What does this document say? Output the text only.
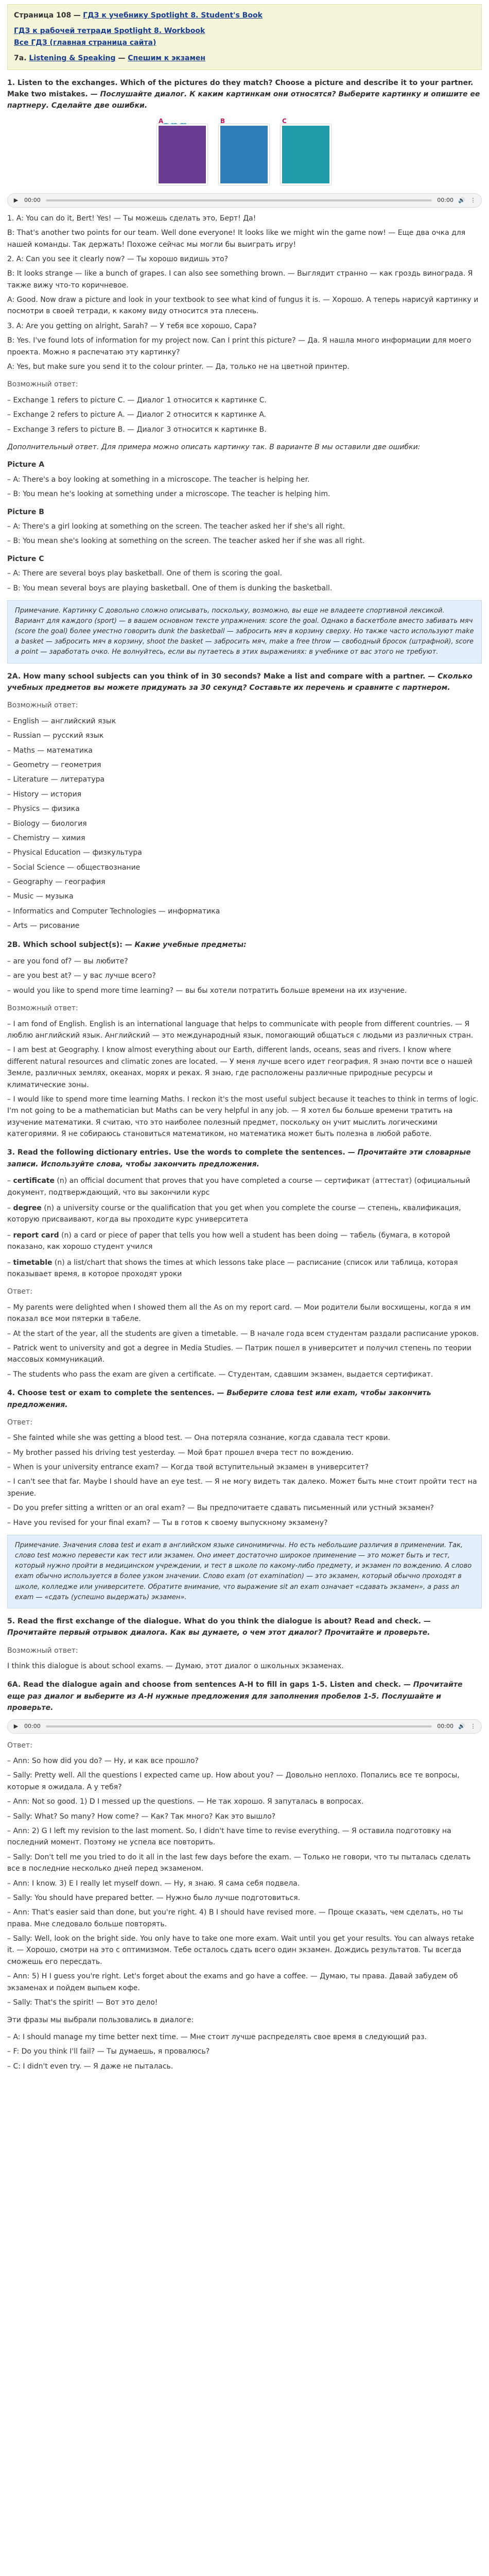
Страница 108 — ГДЗ к учебнику Spotlight 8. Student's Book
ГДЗ к рабочей тетради Spotlight 8. Workbook
Все ГДЗ (главная страница сайта)
7a. Listening & Speaking — Спешим к экзамен

1. Listen to the exchanges. Which of the pictures do they match? Choose a picture and describe it to your partner. Make two mistakes. — Послушайте диалог. К каким картинкам они относятся? Выберите картинку и опишите ее партнеру. Сделайте две ошибки.

A	B	C
▶ 00:00	00:00 🔊 ⋮

1. A: You can do it, Bert! Yes! — Ты можешь сделать это, Берт! Да!

B: That's another two points for our team. Well done everyone! It looks like we might win the game now! — Еще два очка для нашей команды. Так держать! Похоже сейчас мы могли бы выиграть игру!

2. A: Can you see it clearly now? — Ты хорошо видишь это?

B: It looks strange — like a bunch of grapes. I can also see something brown. — Выглядит странно — как гроздь винограда. Я также вижу что-то коричневое.

A: Good. Now draw a picture and look in your textbook to see what kind of fungus it is. — Хорошо. А теперь нарисуй картинку и посмотри в своей тетради, к какому виду относится эта плесень.

3. A: Are you getting on alright, Sarah? — У тебя все хорошо, Сара?

B: Yes. I've found lots of information for my project now. Can I print this picture? — Да. Я нашла много информации для моего проекта. Можно я распечатаю эту картинку?

A: Yes, but make sure you send it to the colour printer. — Да, только не на цветной принтер.

Возможный ответ:

– Exchange 1 refers to picture C. — Диалог 1 относится к картинке C.

– Exchange 2 refers to picture A. — Диалог 2 относится к картинке A.

– Exchange 3 refers to picture B. — Диалог 3 относится к картинке B.

Дополнительный ответ. Для примера можно описать картинку так. В варианте B мы оставили две ошибки:

Picture A

– A: There's a boy looking at something in a microscope. The teacher is helping her.

– B: You mean he's looking at something under a microscope. The teacher is helping him.

Picture B

– A: There's a girl looking at something on the screen. The teacher asked her if she's all right.

– B: You mean she's looking at something on the screen. The teacher asked her if she was all right.

Picture C

– A: There are several boys play basketball. One of them is scoring the goal.

– B: You mean several boys are playing basketball. One of them is dunking the basketball.

Примечание. Картинку C довольно сложно описывать, поскольку, возможно, вы еще не владеете спортивной лексикой. Вариант для каждого (sport) — в вашем основном тексте упражнения: score the goal. Однако в баскетболе вместо забивать мяч (score the goal) более уместно говорить dunk the basketball — забросить мяч в корзину сверху. Но также часто используют make a basket — забросить мяч в корзину, shoot the basket — забросить мяч, make a free throw — свободный бросок (штрафной), score a point — заработать очко. Не волнуйтесь, если вы путаетесь в этих выражениях: в учебнике от вас этого не требуют.

2A. How many school subjects can you think of in 30 seconds? Make a list and compare with a partner. — Сколько учебных предметов вы можете придумать за 30 секунд? Составьте их перечень и сравните с партнером.

Возможный ответ:

– English — английский язык

– Russian — русский язык

– Maths — математика

– Geometry — геометрия

– Literature — литература

– History — история

– Physics — физика

– Biology — биология

– Chemistry — химия

– Physical Education — физкультура

– Social Science — обществознание

– Geography — география

– Music — музыка

– Informatics and Computer Technologies — информатика

– Arts — рисование

2B. Which school subject(s): — Какие учебные предметы:

– are you fond of? — вы любите?

– are you best at? — у вас лучше всего?

– would you like to spend more time learning? — вы бы хотели потратить больше времени на их изучение.

Возможный ответ:

– I am fond of English. English is an international language that helps to communicate with people from different countries. — Я люблю английский язык. Английский — это международный язык, помогающий общаться с людьми из различных стран.

– I am best at Geography. I know almost everything about our Earth, different lands, oceans, seas and rivers. I know where different natural resources and climatic zones are located. — У меня лучше всего идет география. Я знаю почти все о нашей Земле, различных землях, океанах, морях и реках. Я знаю, где расположены различные природные ресурсы и климатические зоны.

– I would like to spend more time learning Maths. I reckon it's the most useful subject because it teaches to think in terms of logic. I'm not going to be a mathematician but Maths can be very helpful in any job. — Я хотел бы больше времени тратить на изучение математики. Я считаю, что это наиболее полезный предмет, поскольку он учит мыслить логическими категориями. Я не собираюсь становиться математиком, но математика может быть полезна в любой работе.

3. Read the following dictionary entries. Use the words to complete the sentences. — Прочитайте эти словарные записи. Используйте слова, чтобы закончить предложения.

– certificate (n) an official document that proves that you have completed a course — сертификат (аттестат) (официальный документ, подтверждающий, что вы закончили курс

– degree (n) a university course or the qualification that you get when you complete the course — степень, квалификация, которую присваивают, когда вы проходите курс университета

– report card (n) a card or piece of paper that tells you how well a student has been doing — табель (бумага, в которой показано, как хорошо студент учился

– timetable (n) a list/chart that shows the times at which lessons take place — расписание (список или таблица, которая показывает время, в которое проходят уроки

Ответ:

– My parents were delighted when I showed them all the As on my report card. — Мои родители были восхищены, когда я им показал все мои пятерки в табеле.

– At the start of the year, all the students are given a timetable. — В начале года всем студентам раздали расписание уроков.

– Patrick went to university and got a degree in Media Studies. — Патрик пошел в университет и получил степень по теории массовых коммуникаций.

– The students who pass the exam are given a certificate. — Студентам, сдавшим экзамен, выдается сертификат.

4. Choose test or exam to complete the sentences. — Выберите слова test или exam, чтобы закончить предложения.

Ответ:

– She fainted while she was getting a blood test. — Она потеряла сознание, когда сдавала тест крови.

– My brother passed his driving test yesterday. — Мой брат прошел вчера тест по вождению.

– When is your university entrance exam? — Когда твой вступительный экзамен в университет?

– I can't see that far. Maybe I should have an eye test. — Я не могу видеть так далеко. Может быть мне стоит пройти тест на зрение.

– Do you prefer sitting a written or an oral exam? — Вы предпочитаете сдавать письменный или устный экзамен?

– Have you revised for your final exam? — Ты в готов к своему выпускному экзамену?

Примечание. Значения слова test и exam в английском языке синонимичны. Но есть небольшие различия в применении. Так, слово test можно перевести как тест или экзамен. Оно имеет достаточно широкое применение — это может быть и тест, который нужно пройти в медицинском учреждении, и тест в школе по какому-либо предмету, и экзамен по вождению. А слово exam обычно используется в более узком значении. Слово exam (от examination) — это экзамен, который обычно проходят в школе, колледже или университете. Обратите внимание, что выражение sit an exam означает «сдавать экзамен», а pass an exam — «сдать (успешно выдержать) экзамен».

5. Read the first exchange of the dialogue. What do you think the dialogue is about? Read and check. — Прочитайте первый отрывок диалога. Как вы думаете, о чем этот диалог? Прочитайте и проверьте.

Возможный ответ:

I think this dialogue is about school exams. — Думаю, этот диалог о школьных экзаменах.

6A. Read the dialogue again and choose from sentences A-H to fill in gaps 1-5. Listen and check. — Прочитайте еще раз диалог и выберите из A-H нужные предложения для заполнения пробелов 1-5. Послушайте и проверьте.

▶ 00:00	00:00 🔊 ⋮

Ответ:

– Ann: So how did you do? — Ну, и как все прошло?

– Sally: Pretty well. All the questions I expected came up. How about you? — Довольно неплохо. Попались все те вопросы, которые я ожидала. А у тебя?

– Ann: Not so good. 1) D I messed up the questions. — Не так хорошо. Я запуталась в вопросах.

– Sally: What? So many? How come? — Как? Так много? Как это вышло?

– Ann: 2) G I left my revision to the last moment. So, I didn't have time to revise everything. — Я оставила подготовку на последний момент. Поэтому не успела все повторить.

– Sally: Don't tell me you tried to do it all in the last few days before the exam. — Только не говори, что ты пыталась сделать все в последние несколько дней перед экзаменом.

– Ann: I know. 3) E I really let myself down. — Ну, я знаю. Я сама себя подвела.

– Sally: You should have prepared better. — Нужно было лучше подготовиться.

– Ann: That's easier said than done, but you're right. 4) B I should have revised more. — Проще сказать, чем сделать, но ты права. Мне следовало больше повторять.

– Sally: Well, look on the bright side. You only have to take one more exam. Wait until you get your results. You can always retake it. — Хорошо, смотри на это с оптимизмом. Тебе осталось сдать всего один экзамен. Дождись результатов. Ты всегда сможешь его пересдать.

– Ann: 5) H I guess you're right. Let's forget about the exams and go have a coffee. — Думаю, ты права. Давай забудем об экзаменах и пойдем выпьем кофе.

– Sally: That's the spirit! — Вот это дело!

Эти фразы мы выбрали пользовались в диалоге:

– A: I should manage my time better next time. — Мне стоит лучше распределять свое время в следующий раз.

– F: Do you think I'll fail? — Ты думаешь, я провалюсь?

– C: I didn't even try. — Я даже не пыталась.
